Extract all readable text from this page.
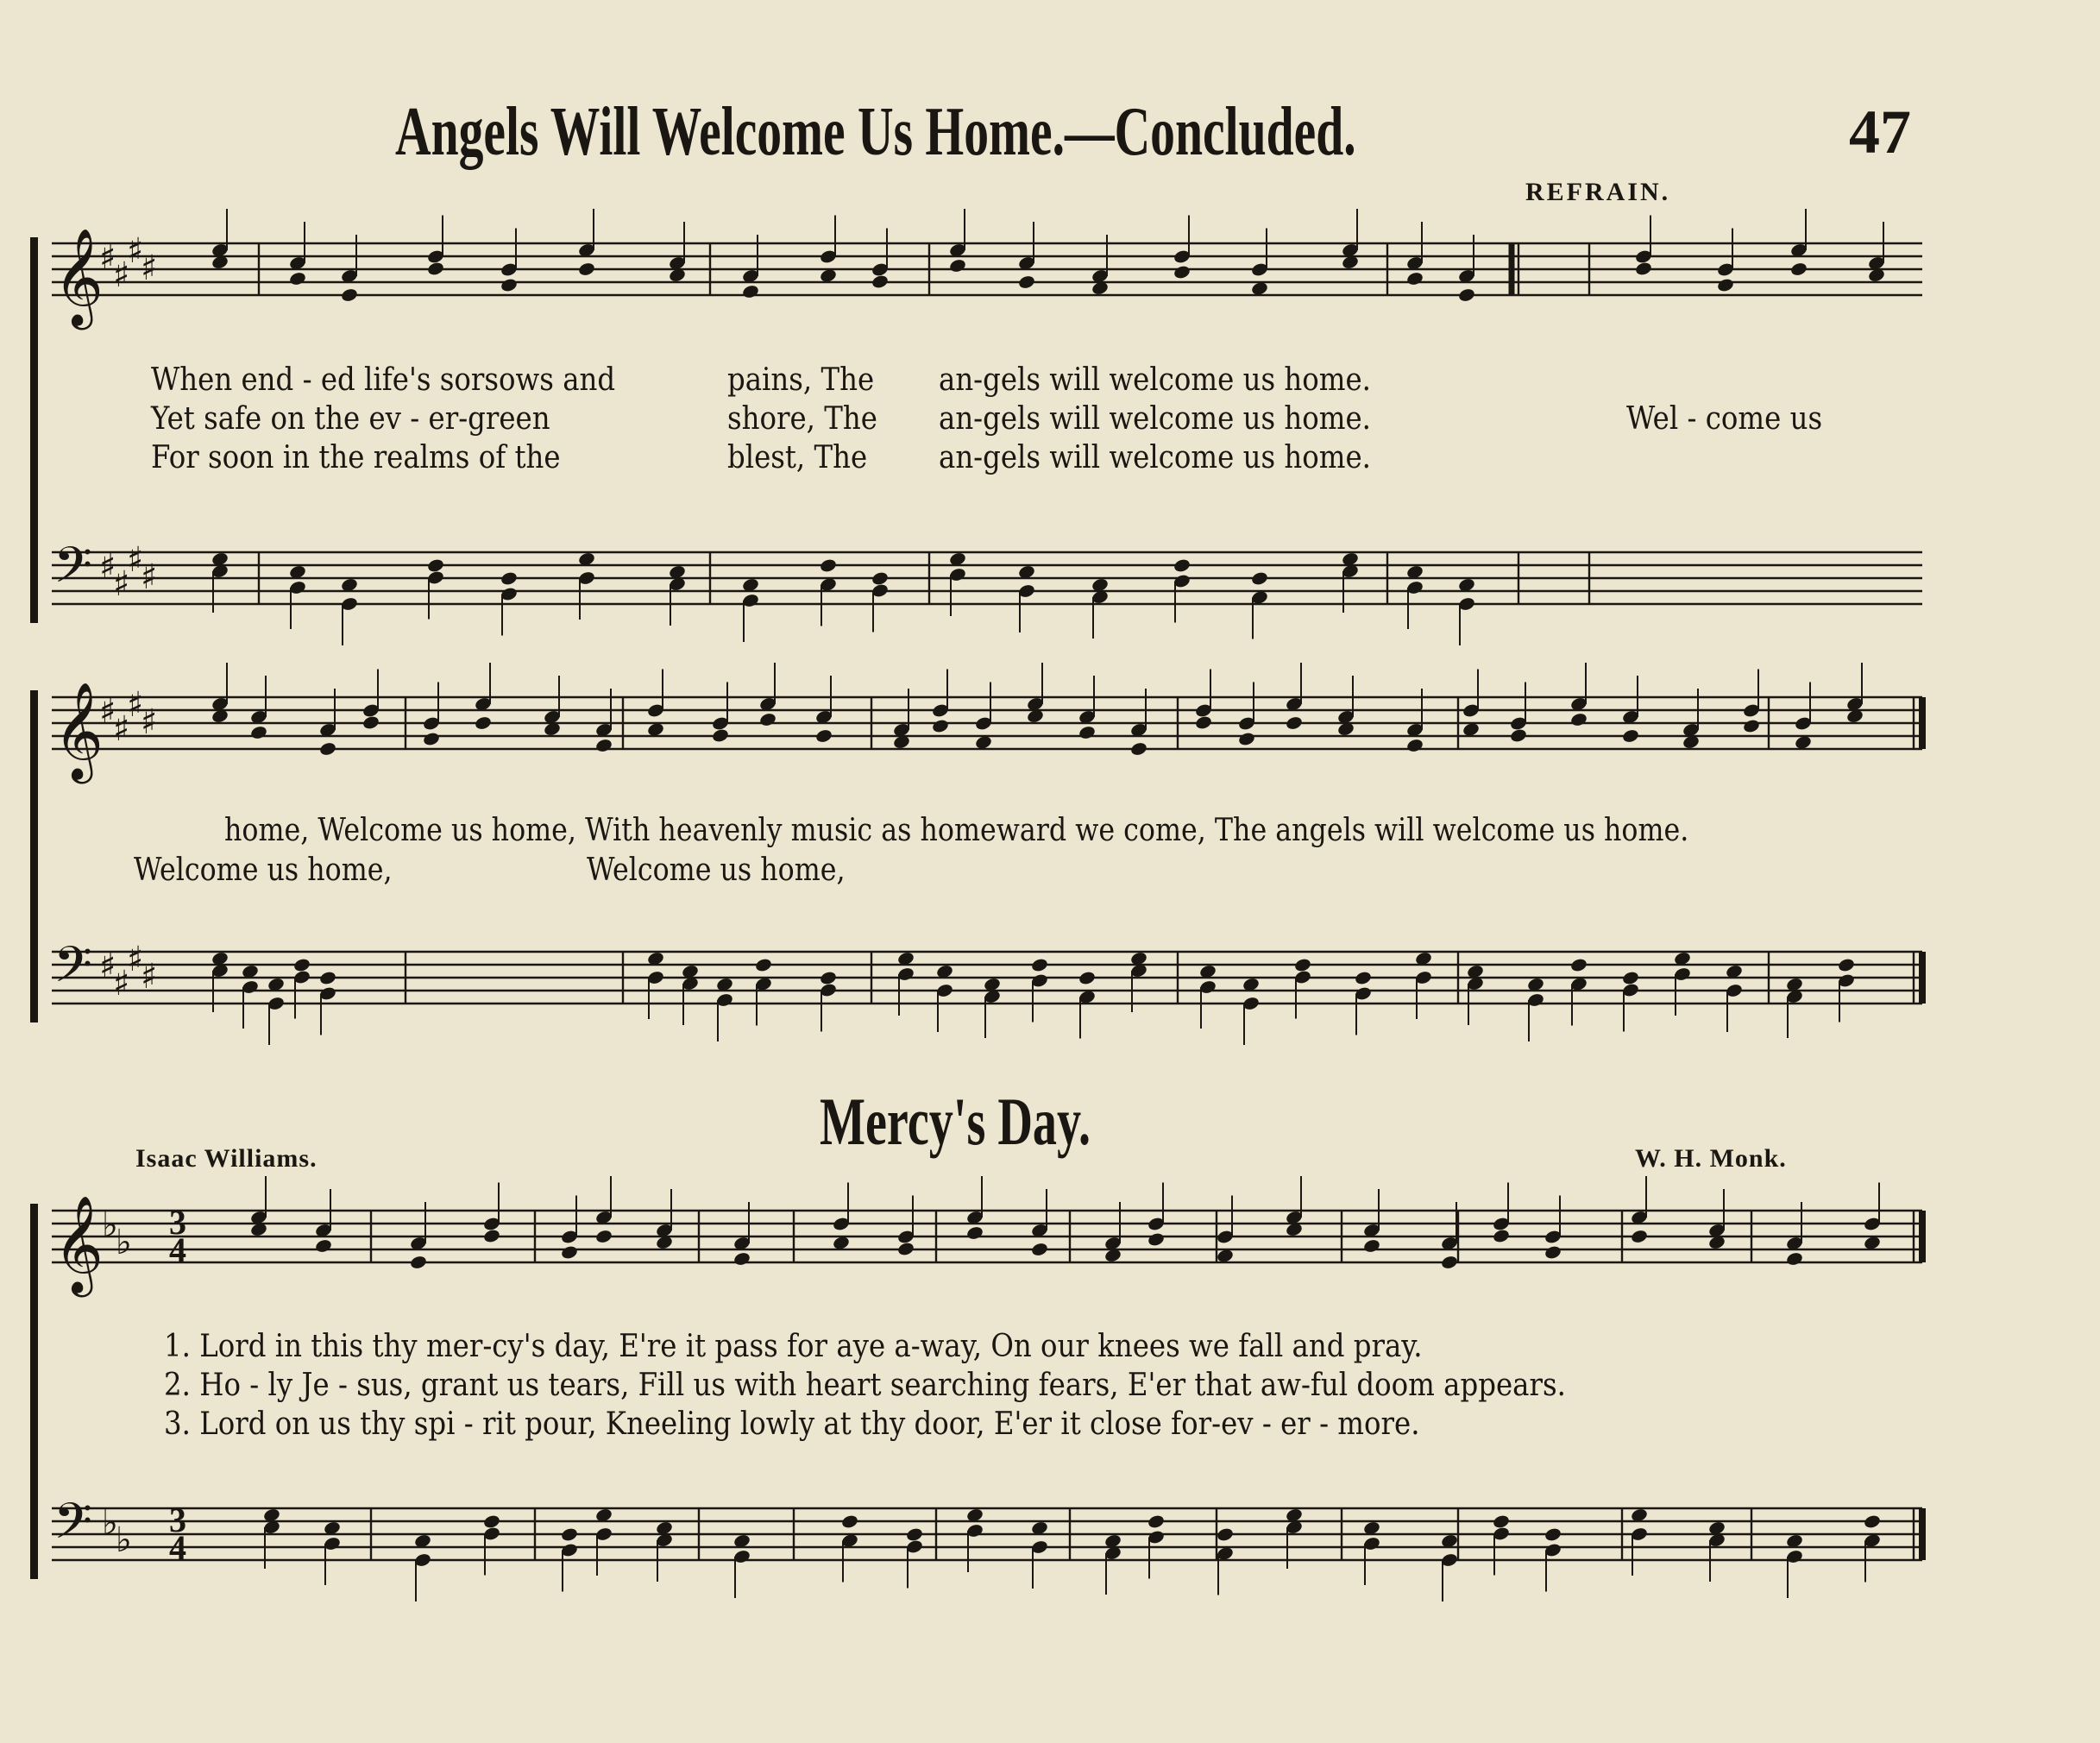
Angels Will Welcome Us Home.—Concluded.	47
REFRAIN.
𝄞
𝄢
♯
♯
♯
♯
♯
♯
♯
♯
𝄞
𝄢
♯
♯
♯
♯
♯
♯
♯
♯
𝄞
𝄢
♭
♭
♭
♭
3
4
3
4
When end - ed life's sorsows and	pains, The an-gels will welcome us home.
Yet safe on the ev - er-green	shore, The an-gels will welcome us home.	Wel - come us
For soon in the realms of the	blest, The an-gels will welcome us home.
home, Welcome us home, With heavenly music as homeward we come, The angels will welcome us home.
Welcome us home,	Welcome us home,
Mercy's Day.
Isaac Williams.	W. H. Monk.
1. Lord in this thy mer-cy's day, E're it pass for aye a-way, On our knees we fall and pray.
2. Ho - ly Je - sus, grant us tears, Fill us with heart searching fears, E'er that aw-ful doom appears.
3. Lord on us thy spi - rit pour, Kneeling lowly at thy door, E'er it close for-ev - er - more.
